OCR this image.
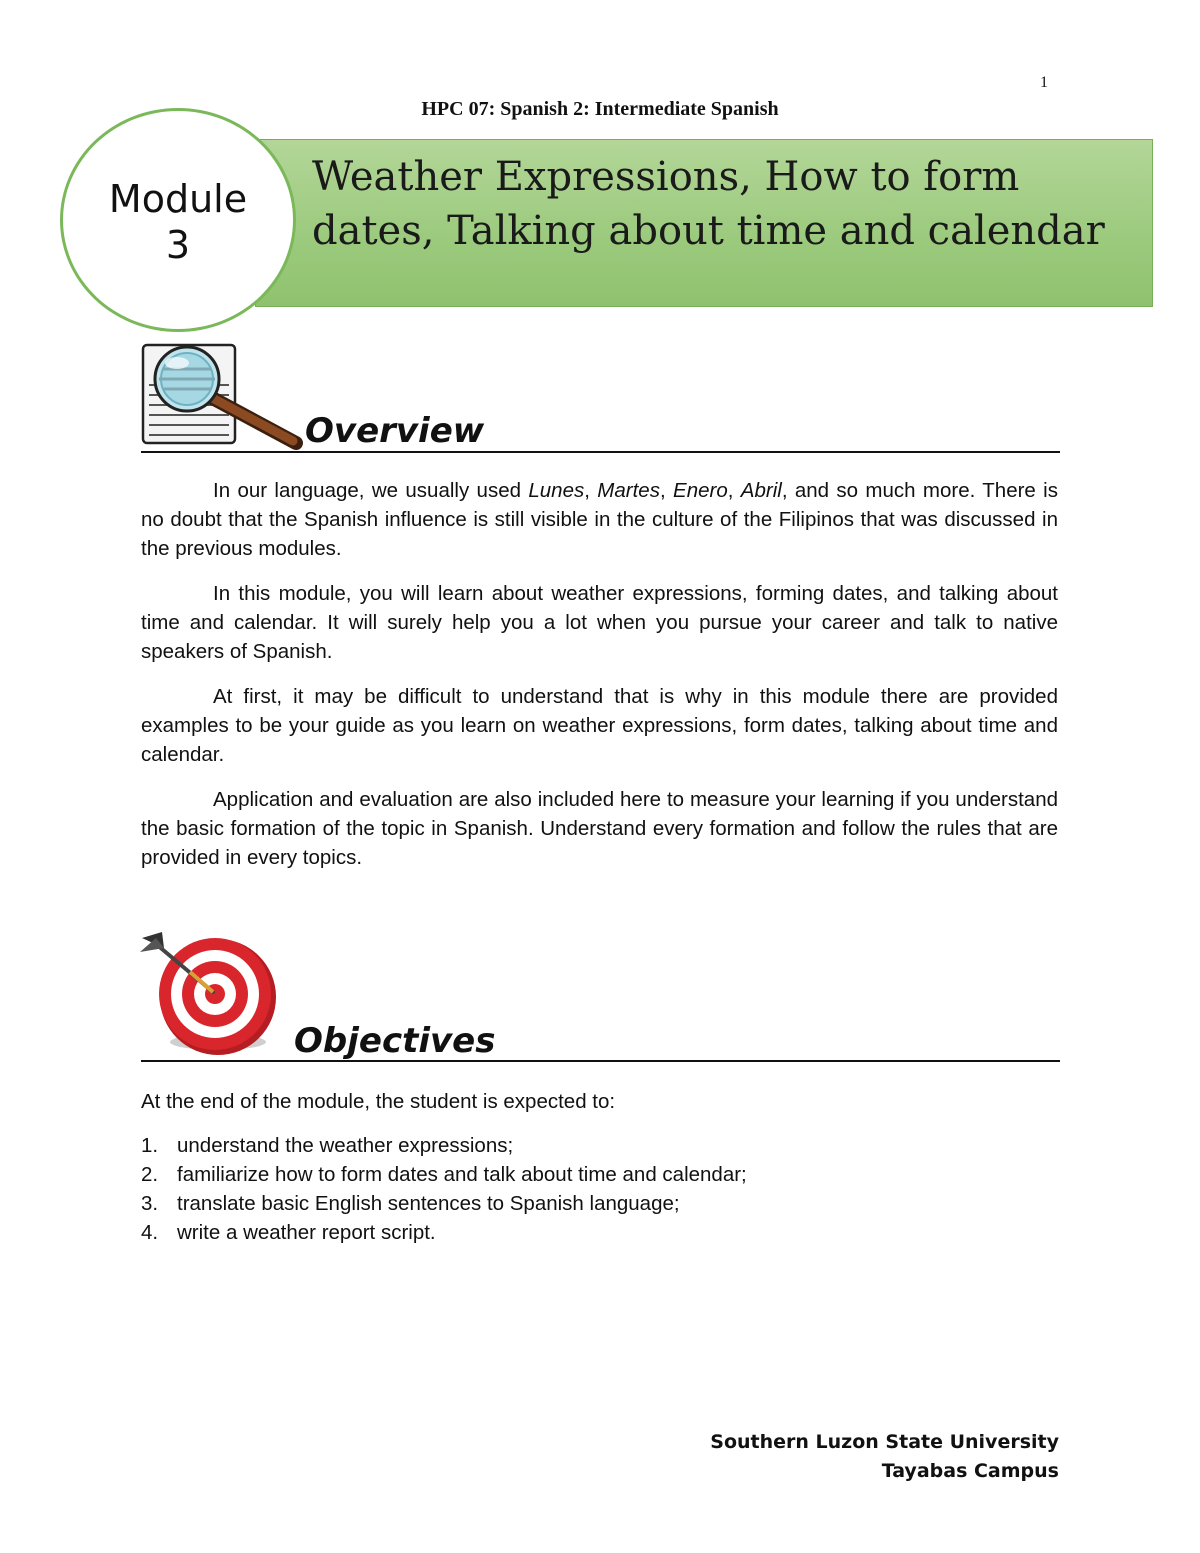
1
HPC 07: Spanish 2: Intermediate Spanish
Weather Expressions, How to form dates, Talking about time and calendar
Module
3
Overview

In our language, we usually used Lunes, Martes, Enero, Abril, and so much more. There is no doubt that the Spanish influence is still visible in the culture of the Filipinos that was discussed in the previous modules.

In this module, you will learn about weather expressions, forming dates, and talking about time and calendar. It will surely help you a lot when you pursue your career and talk to native speakers of Spanish.

At first, it may be difficult to understand that is why in this module there are provided examples to be your guide as you learn on weather expressions, form dates, talking about time and calendar.

Application and evaluation are also included here to measure your learning if you understand the basic formation of the topic in Spanish. Understand every formation and follow the rules that are provided in every topics.

Objectives
At the end of the module, the student is expected to:
1. understand the weather expressions;
2. familiarize how to form dates and talk about time and calendar;
3. translate basic English sentences to Spanish language;
4. write a weather report script.
Southern Luzon State University
Tayabas Campus
